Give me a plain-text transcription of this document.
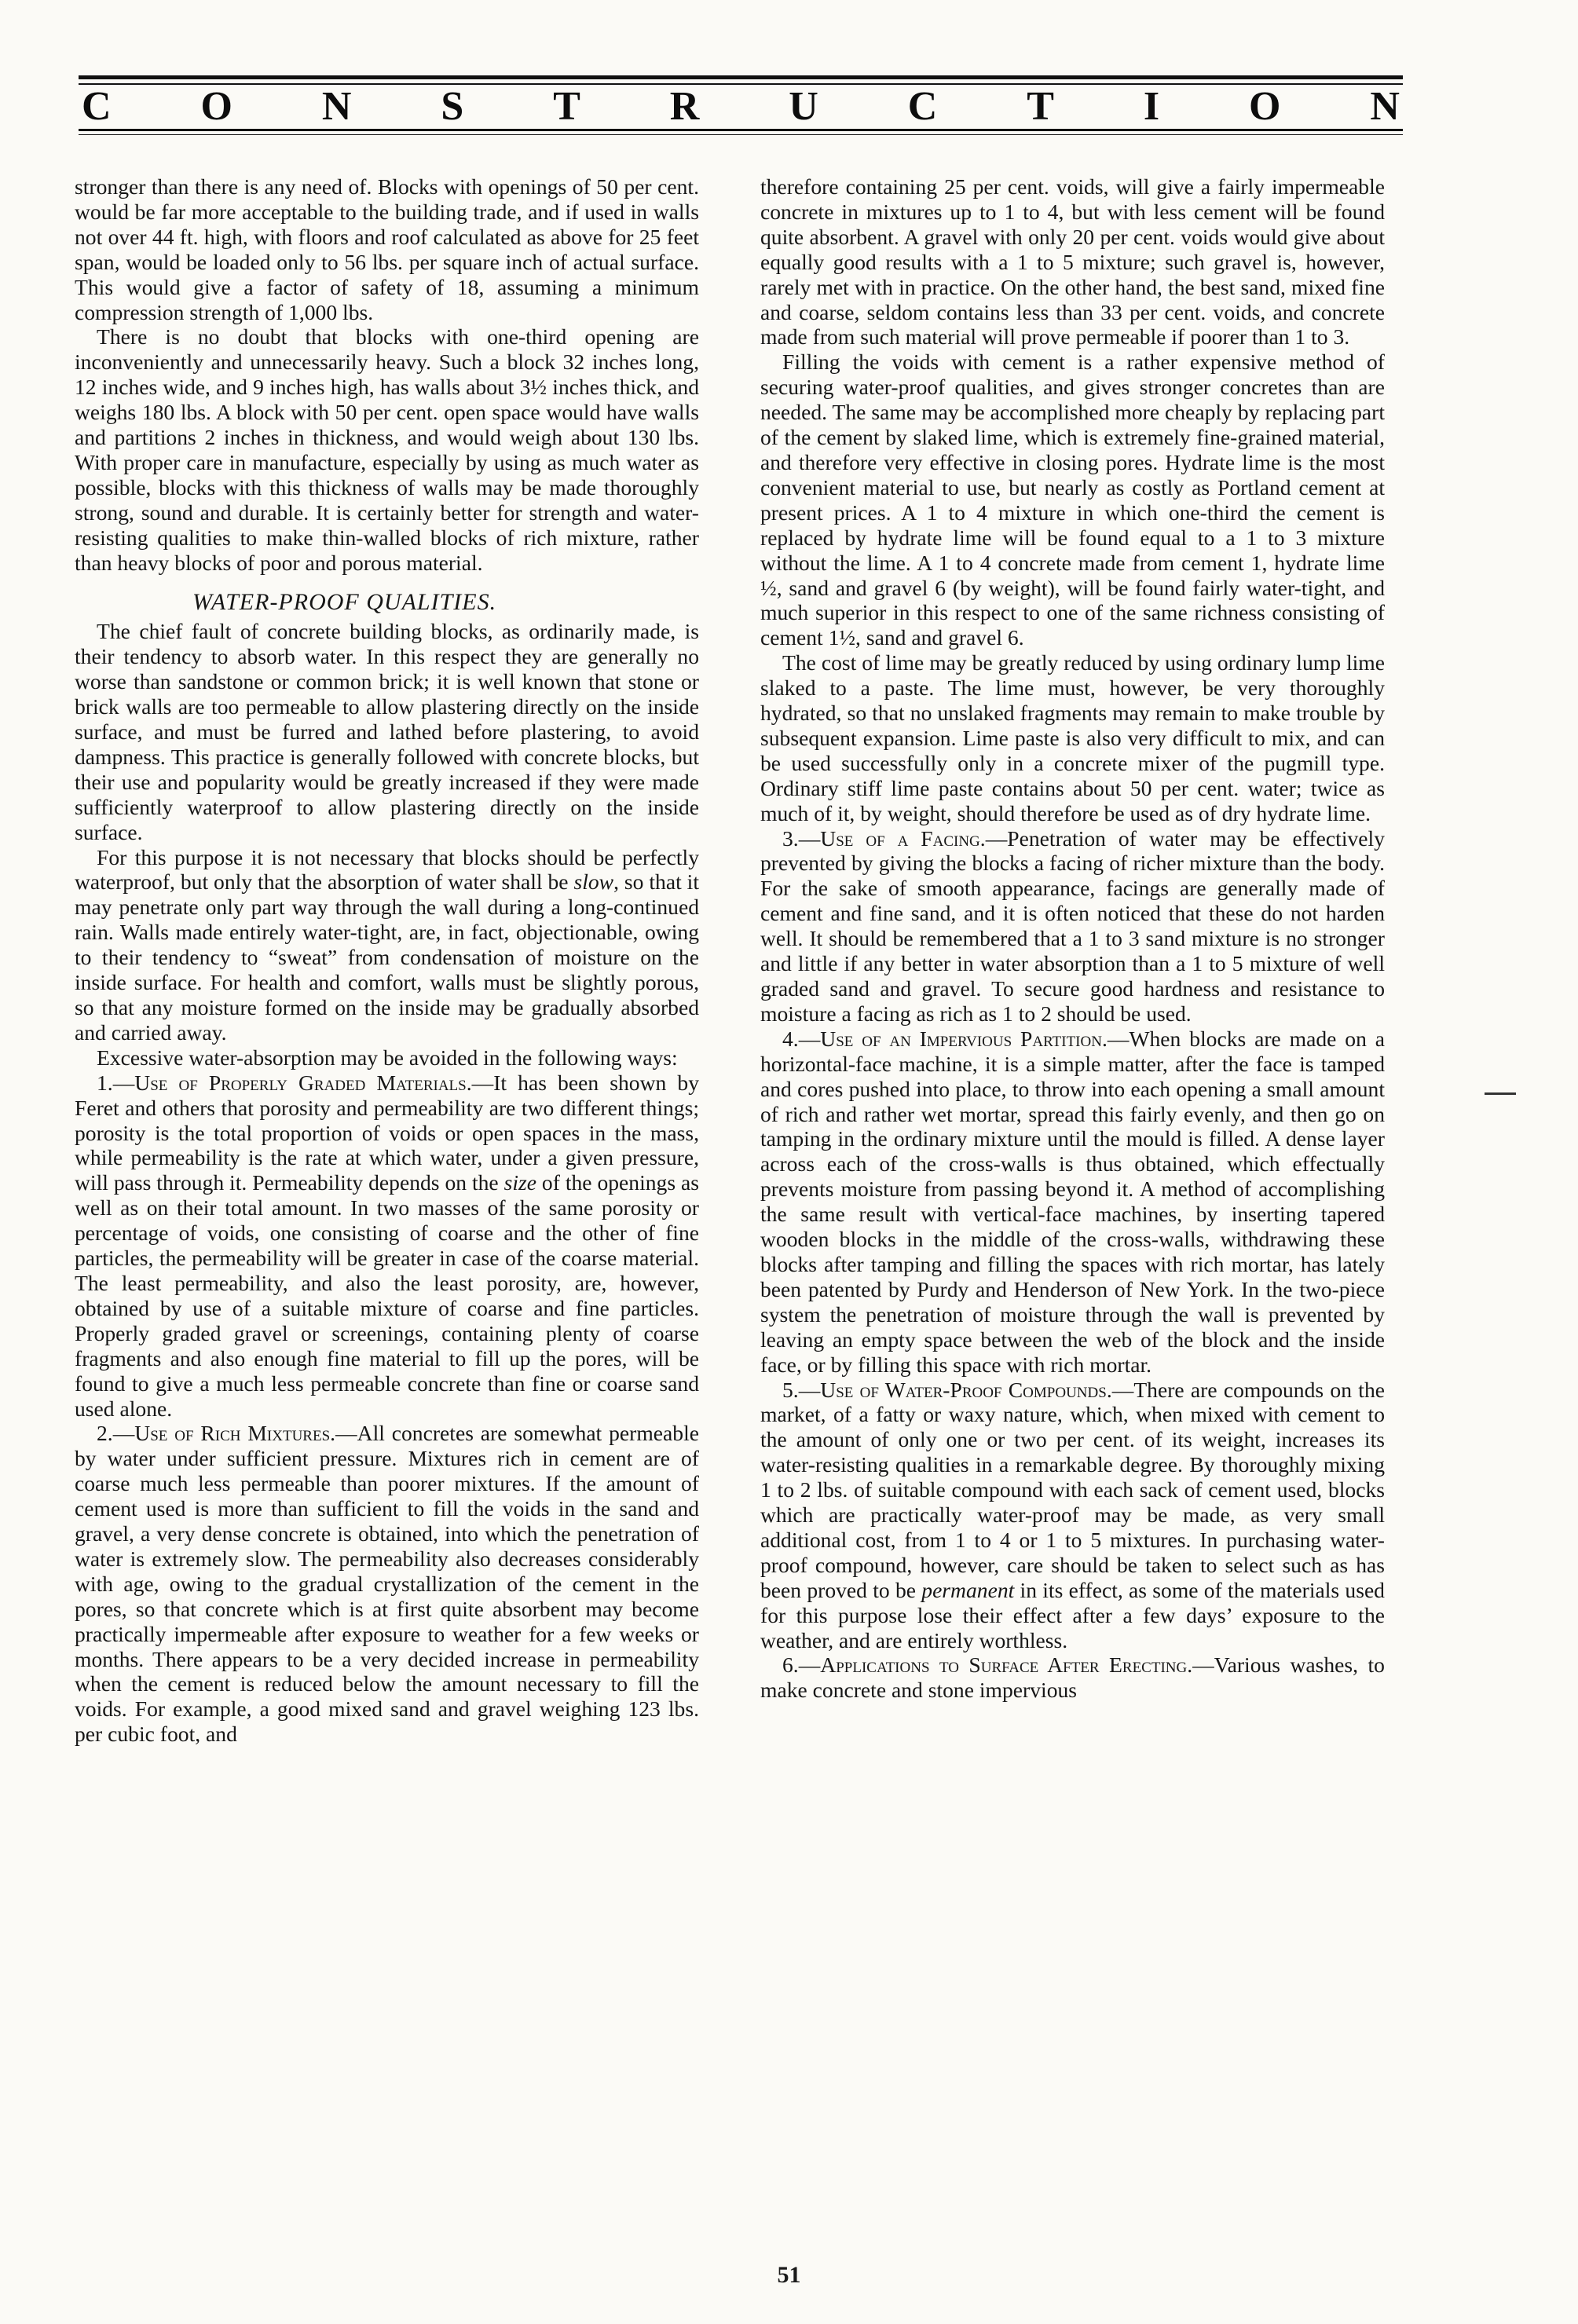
C O N S T R U C T I O N

stronger than there is any need of. Blocks with openings of 50 per cent. would be far more acceptable to the building trade, and if used in walls not over 44 ft. high, with floors and roof calculated as above for 25 feet span, would be loaded only to 56 lbs. per square inch of actual surface. This would give a factor of safety of 18, assuming a minimum compression strength of 1,000 lbs.

There is no doubt that blocks with one-third opening are inconveniently and unnecessarily heavy. Such a block 32 inches long, 12 inches wide, and 9 inches high, has walls about 3½ inches thick, and weighs 180 lbs. A block with 50 per cent. open space would have walls and partitions 2 inches in thickness, and would weigh about 130 lbs. With proper care in manufacture, especially by using as much water as possible, blocks with this thickness of walls may be made thoroughly strong, sound and durable. It is certainly better for strength and water-resisting qualities to make thin-walled blocks of rich mixture, rather than heavy blocks of poor and porous material.

WATER-PROOF QUALITIES.

The chief fault of concrete building blocks, as ordinarily made, is their tendency to absorb water. In this respect they are generally no worse than sandstone or common brick; it is well known that stone or brick walls are too permeable to allow plastering directly on the inside surface, and must be furred and lathed before plastering, to avoid dampness. This practice is generally followed with concrete blocks, but their use and popularity would be greatly increased if they were made sufficiently waterproof to allow plastering directly on the inside surface.

For this purpose it is not necessary that blocks should be perfectly waterproof, but only that the absorption of water shall be slow, so that it may penetrate only part way through the wall during a long-continued rain. Walls made entirely water-tight, are, in fact, objectionable, owing to their tendency to “sweat” from condensation of moisture on the inside surface. For health and comfort, walls must be slightly porous, so that any moisture formed on the inside may be gradually absorbed and carried away.

Excessive water-absorption may be avoided in the following ways:

1.—Use of Properly Graded Materials.—It has been shown by Feret and others that porosity and permeability are two different things; porosity is the total proportion of voids or open spaces in the mass, while permeability is the rate at which water, under a given pressure, will pass through it. Permeability depends on the size of the openings as well as on their total amount. In two masses of the same porosity or percentage of voids, one consisting of coarse and the other of fine particles, the permeability will be greater in case of the coarse material. The least permeability, and also the least porosity, are, however, obtained by use of a suitable mixture of coarse and fine particles. Properly graded gravel or screenings, containing plenty of coarse fragments and also enough fine material to fill up the pores, will be found to give a much less permeable concrete than fine or coarse sand used alone.

2.—Use of Rich Mixtures.—All concretes are somewhat permeable by water under sufficient pressure. Mixtures rich in cement are of coarse much less permeable than poorer mixtures. If the amount of cement used is more than sufficient to fill the voids in the sand and gravel, a very dense concrete is obtained, into which the penetration of water is extremely slow. The permeability also decreases considerably with age, owing to the gradual crystallization of the cement in the pores, so that concrete which is at first quite absorbent may become practically impermeable after exposure to weather for a few weeks or months. There appears to be a very decided increase in permeability when the cement is reduced below the amount necessary to fill the voids. For example, a good mixed sand and gravel weighing 123 lbs. per cubic foot, and

therefore containing 25 per cent. voids, will give a fairly impermeable concrete in mixtures up to 1 to 4, but with less cement will be found quite absorbent. A gravel with only 20 per cent. voids would give about equally good results with a 1 to 5 mixture; such gravel is, however, rarely met with in practice. On the other hand, the best sand, mixed fine and coarse, seldom contains less than 33 per cent. voids, and concrete made from such material will prove permeable if poorer than 1 to 3.

Filling the voids with cement is a rather expensive method of securing water-proof qualities, and gives stronger concretes than are needed. The same may be accomplished more cheaply by replacing part of the cement by slaked lime, which is extremely fine-grained material, and therefore very effective in closing pores. Hydrate lime is the most convenient material to use, but nearly as costly as Portland cement at present prices. A 1 to 4 mixture in which one-third the cement is replaced by hydrate lime will be found equal to a 1 to 3 mixture without the lime. A 1 to 4 concrete made from cement 1, hydrate lime ½, sand and gravel 6 (by weight), will be found fairly water-tight, and much superior in this respect to one of the same richness consisting of cement 1½, sand and gravel 6.

The cost of lime may be greatly reduced by using ordinary lump lime slaked to a paste. The lime must, however, be very thoroughly hydrated, so that no unslaked fragments may remain to make trouble by subsequent expansion. Lime paste is also very difficult to mix, and can be used successfully only in a concrete mixer of the pugmill type. Ordinary stiff lime paste contains about 50 per cent. water; twice as much of it, by weight, should therefore be used as of dry hydrate lime.

3.—Use of a Facing.—Penetration of water may be effectively prevented by giving the blocks a facing of richer mixture than the body. For the sake of smooth appearance, facings are generally made of cement and fine sand, and it is often noticed that these do not harden well. It should be remembered that a 1 to 3 sand mixture is no stronger and little if any better in water absorption than a 1 to 5 mixture of well graded sand and gravel. To secure good hardness and resistance to moisture a facing as rich as 1 to 2 should be used.

4.—Use of an Impervious Partition.—When blocks are made on a horizontal-face machine, it is a simple matter, after the face is tamped and cores pushed into place, to throw into each opening a small amount of rich and rather wet mortar, spread this fairly evenly, and then go on tamping in the ordinary mixture until the mould is filled. A dense layer across each of the cross-walls is thus obtained, which effectually prevents moisture from passing beyond it. A method of accomplishing the same result with vertical-face machines, by inserting tapered wooden blocks in the middle of the cross-walls, withdrawing these blocks after tamping and filling the spaces with rich mortar, has lately been patented by Purdy and Henderson of New York. In the two-piece system the penetration of moisture through the wall is prevented by leaving an empty space between the web of the block and the inside face, or by filling this space with rich mortar.

5.—Use of Water-Proof Compounds.—There are compounds on the market, of a fatty or waxy nature, which, when mixed with cement to the amount of only one or two per cent. of its weight, increases its water-resisting qualities in a remarkable degree. By thoroughly mixing 1 to 2 lbs. of suitable compound with each sack of cement used, blocks which are practically water-proof may be made, as very small additional cost, from 1 to 4 or 1 to 5 mixtures. In purchasing water-proof compound, however, care should be taken to select such as has been proved to be permanent in its effect, as some of the materials used for this purpose lose their effect after a few days’ exposure to the weather, and are entirely worthless.

6.—Applications to Surface After Erecting.—Various washes, to make concrete and stone impervious

51
